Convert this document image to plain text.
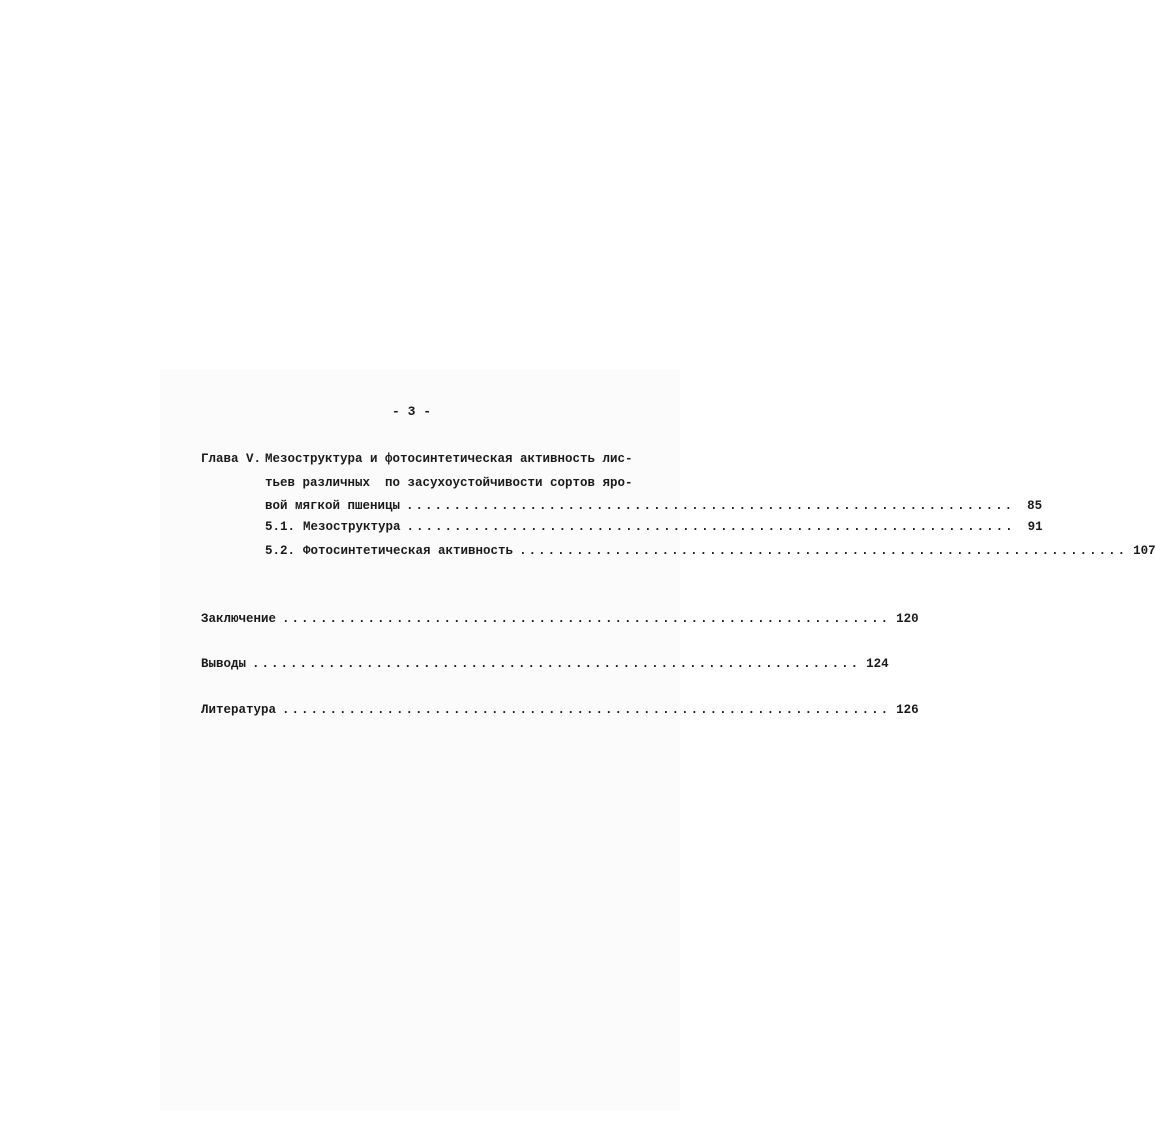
- 3 -
Глава V. Мезоструктура и фотосинтетическая активность лис-
тьев различных  по засухоустойчивости сортов яро-
вой мягкой пшеницы ................................................................	85
5.1. Мезоструктура ................................................................	91
5.2. Фотосинтетическая активность ................................................................ 107
Заключение ................................................................ 120
Выводы ................................................................ 124
Литература ................................................................ 126
